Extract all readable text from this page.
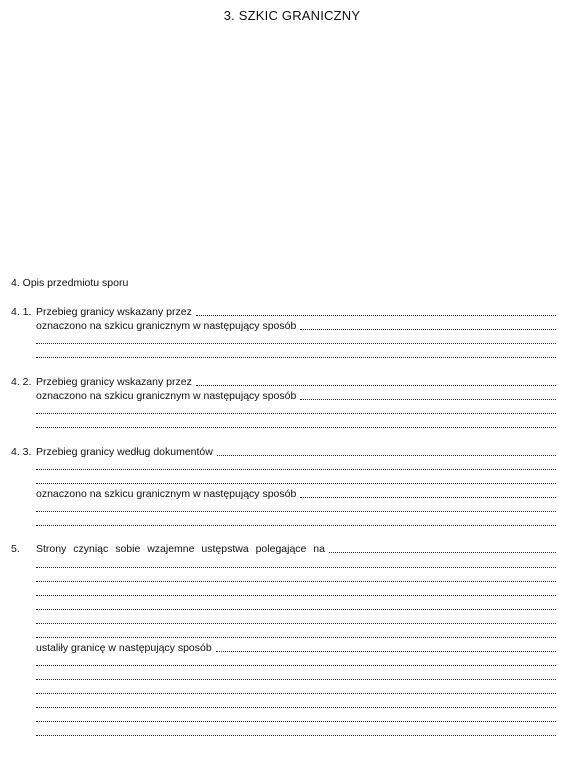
3. SZKIC GRANICZNY
4. Opis przedmiotu sporu
4. 1. Przebieg granicy wskazany przez
oznaczono na szkicu granicznym w następujący sposób
4. 2. Przebieg granicy wskazany przez
oznaczono na szkicu granicznym w następujący sposób
4. 3. Przebieg granicy według dokumentów
oznaczono na szkicu granicznym w następujący sposób
5. Strony czyniąc sobie wzajemne ustępstwa polegające na
ustaliły granicę w następujący sposób
